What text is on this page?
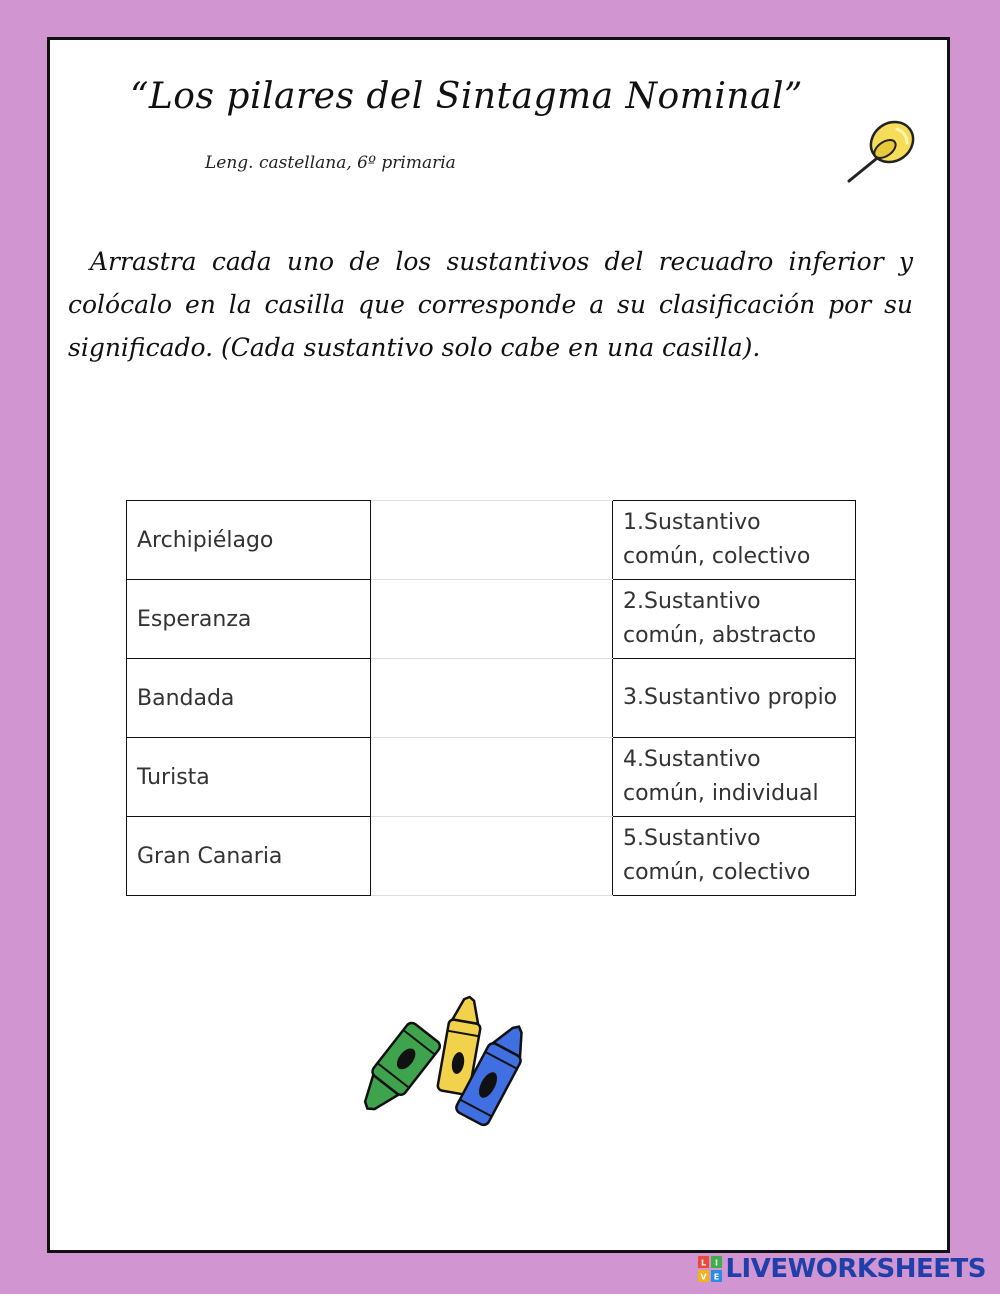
“Los pilares del Sintagma Nominal”
Leng. castellana, 6º primaria
Arrastra cada uno de los sustantivos del recuadro inferior y colócalo en la casilla que corresponde a su clasificación por su significado. (Cada sustantivo solo cabe en una casilla).
Archipiélago		1.Sustantivo común, colectivo
Esperanza		2.Sustantivo común, abstracto
Bandada		3.Sustantivo propio
Turista		4.Sustantivo común, individual
Gran Canaria		5.Sustantivo común, colectivo
L I
V E LIVEWORKSHEETS
